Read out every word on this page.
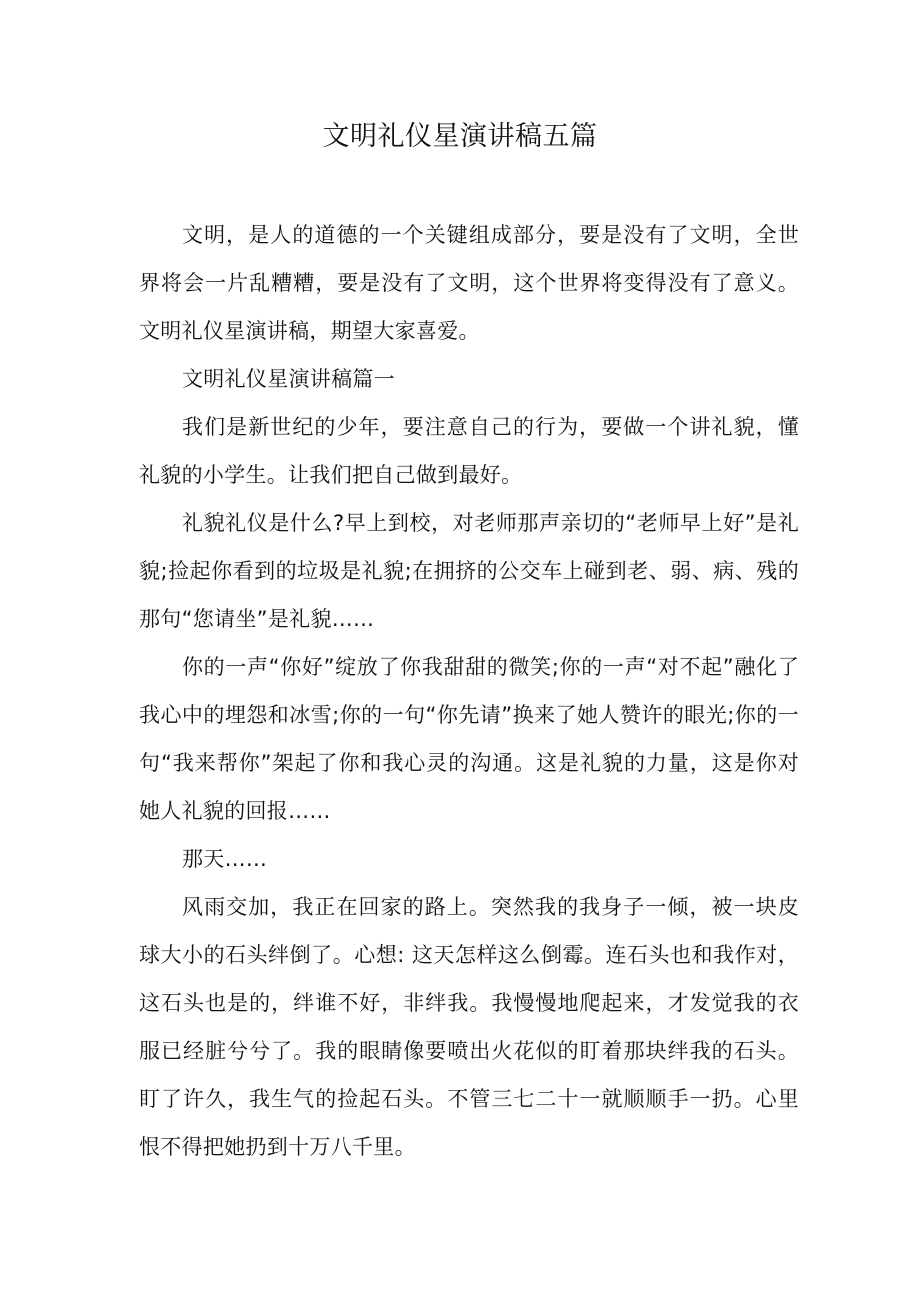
文明礼仪星演讲稿五篇

文明，是人的道德的一个关键组成部分，要是没有了文明，全世界将会一片乱糟糟，要是没有了文明，这个世界将变得没有了意义。文明礼仪星演讲稿，期望大家喜爱。

文明礼仪星演讲稿篇一

我们是新世纪的少年，要注意自己的行为，要做一个讲礼貌，懂礼貌的小学生。让我们把自己做到最好。

礼貌礼仪是什么?早上到校，对老师那声亲切的“老师早上好”是礼貌;捡起你看到的垃圾是礼貌;在拥挤的公交车上碰到老、弱、病、残的那句“您请坐”是礼貌……

你的一声“你好”绽放了你我甜甜的微笑;你的一声“对不起”融化了我心中的埋怨和冰雪;你的一句“你先请”换来了她人赞许的眼光;你的一句“我来帮你”架起了你和我心灵的沟通。这是礼貌的力量，这是你对她人礼貌的回报……

那天……

风雨交加，我正在回家的路上。突然我的我身子一倾，被一块皮球大小的石头绊倒了。心想: 这天怎样这么倒霉。连石头也和我作对，这石头也是的，绊谁不好，非绊我。我慢慢地爬起来，才发觉我的衣服已经脏兮兮了。我的眼睛像要喷出火花似的盯着那块绊我的石头。盯了许久，我生气的捡起石头。不管三七二十一就顺顺手一扔。心里恨不得把她扔到十万八千里。
